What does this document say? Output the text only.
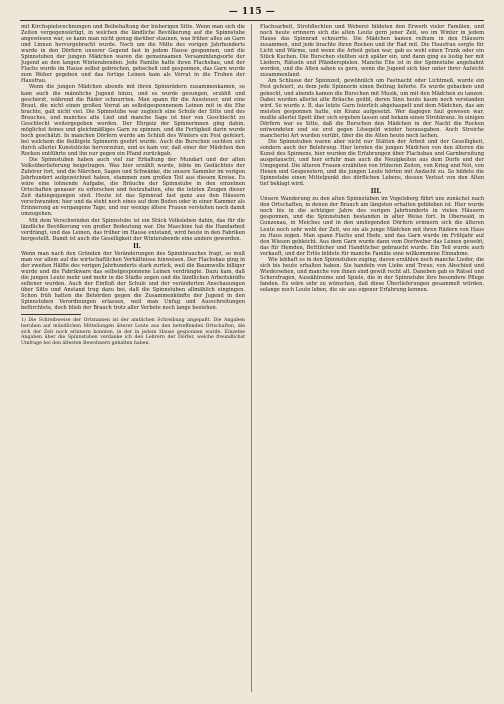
— 115 —

mit Kirchspielsrechnungen und Beibehaltung der bisherigen Sitte. Wenn man sich die Zeiten vergegenwärtigt, in welchen die ländliche Bevölkerung auf die Spinnstube angewiesen war, so kann man nicht genug darüber staunen, was früher alles an Garn und Linnen hervorgebracht wurde. Noch um die Mitte des vorigen Jahrhunderts wurde in den Dörfern unserer Gegend fast in jedem Hause gesponnen, und die Spinnstuben der jungen Mädchen waren die gemeinsamen Versammlungsorte der Jugend an den langen Winterabenden. Jede Familie hatte ihren Flachsbau, und der Flachs wurde im Hause selbst gebrochen, gehechelt und gesponnen, das Garn wurde zum Weber gegeben und das fertige Leinen kam als Vorrat in die Truhen der Hausfrau.

Wenn die jungen Mädchen abends mit ihren Spinnrädern zusammenkamen, so kam auch die männliche Jugend hinzu, und es wurde gesungen, erzählt und gescherzt, während die Räder schnurrten. Man spann für die Aussteuer, und eine Braut, die nicht einen großen Vorrat an selbstgesponnenem Leinen mit in die Ehe brachte, galt nicht viel. Die Spinnstube war zugleich eine Schule der Sitte und des Brauches, und manches alte Lied und manche Sage ist hier von Geschlecht zu Geschlecht weitergegeben worden. Der Ehrgeiz der Spinnerinnen ging dahin, möglichst feines und gleichmäßiges Garn zu spinnen, und die Fertigkeit darin wurde hoch geschätzt. In manchen Dörfern wurde am Schluß des Winters ein Fest gefeiert, bei welchem die fleißigste Spinnerin geehrt wurde. Auch die Burschen suchten sich durch allerlei Kunststücke hervorzutun, und es kam vor, daß einer der Mädchen den Rocken entführte und ihn nur gegen ein Pfand zurückgab.

Die Spinnstuben haben auch viel zur Erhaltung der Mundart und der alten Volksüberlieferung beigetragen. Was hier erzählt wurde, lebte im Gedächtnis der Zuhörer fort, und die Märchen, Sagen und Schwänke, die unsere Sammler im vorigen Jahrhundert aufgezeichnet haben, stammen zum großen Teil aus diesem Kreise. Es wäre eine lohnende Aufgabe, die Bräuche der Spinnstube in den einzelnen Ortschaften genauer zu erforschen und festzuhalten, ehe die letzten Zeugen dieser Zeit dahingegangen sind. Heute ist das Spinnrad fast ganz aus den Häusern verschwunden; hier und da steht noch eines auf dem Boden oder in einer Kammer als Erinnerung an vergangene Tage, und nur wenige ältere Frauen verstehen noch damit umzugehen.

Mit dem Verschwinden der Spinnstube ist ein Stück Volksleben dahin, das für die ländliche Bevölkerung von großer Bedeutung war. Die Maschine hat die Handarbeit verdrängt, und das Leinen, das früher im Hause entstand, wird heute in den Fabriken hergestellt. Damit ist auch die Geselligkeit der Winterabende eine andere geworden.

II.

Wenn man nach den Gründen der Veränderungen des Spinnbrauches fragt, so muß man vor allem auf die wirtschaftlichen Verhältnisse hinweisen. Der Flachsbau ging in der zweiten Hälfte des vorigen Jahrhunderts stark zurück, weil die Baumwolle billiger wurde und die Fabrikware das selbstgesponnene Leinen verdrängte. Dazu kam, daß die jungen Leute mehr und mehr in die Städte zogen und die ländlichen Arbeitskräfte seltener wurden. Auch der Einfluß der Schule und der veränderten Anschauungen über Sitte und Anstand trug dazu bei, daß die Spinnstuben allmählich eingingen. Schon früh hatten die Behörden gegen die Zusammenkünfte der Jugend in den Spinnstuben Verordnungen erlassen, weil man Unfug und Ausschreitungen befürchtete, doch blieb der Brauch trotz aller Verbote noch lange bestehen.

1) Die Schreibweise der Ortsnamen ist der amtlichen Schreibung angepaßt. Die Angaben beruhen auf mündlichen Mitteilungen älterer Leute aus den betreffenden Ortschaften, die sich der Zeit noch erinnern konnten, in der in jedem Hause gesponnen wurde. Einzelne Angaben über die Spinnstuben verdanke ich den Lehrern der Dörfer, welche freundlichst Umfrage bei den ältesten Bewohnern gehalten haben.

Flachsarbeit, Strohflechten und Weberei bildeten den Erwerb vieler Familien, und noch heute erinnern sich die alten Leute gern jener Zeit, wo im Winter in jedem Hause das Spinnrad schnurrte. Die Mädchen kamen reihum in den Häusern zusammen, und jede brachte ihren Rocken und ihr Rad mit. Die Hausfrau sorgte für Licht und Wärme, und wenn die Arbeit getan war, gab es wohl einen Trunk oder ein Stück Kuchen. Die Burschen stellten sich später ein, und dann ging es lustig her mit Liedern, Rätseln und Pfänderspielen. Manche Ehe ist in der Spinnstube angebahnt worden, und die Alten sahen es gern, wenn die Jugend sich hier unter ihrer Aufsicht zusammenfand.

Am Schlusse der Spinnzeit, gewöhnlich um Fastnacht oder Lichtmeß, wurde ein Fest gefeiert, zu dem jede Spinnerin einen Beitrag lieferte. Es wurde gebacken und gekocht, und abends kamen die Burschen mit Musik, um mit den Mädchen zu tanzen. Dabei wurden allerlei alte Bräuche geübt, deren Sinn heute kaum noch verstanden wird. So wurde z. B. das letzte Garn feierlich abgehaspelt und dem Mädchen, das am meisten gesponnen hatte, ein Kranz aufgesetzt. Wer dagegen faul gewesen war, mußte allerlei Spott über sich ergehen lassen und bekam einen Strohkranz. In einigen Dörfern war es Sitte, daß die Burschen den Mädchen in der Nacht die Rocken entwendeten und sie erst gegen Lösegeld wieder herausgaben. Auch Streiche mancherlei Art wurden verübt, über die die Alten heute noch lachen.

Die Spinnstuben waren aber nicht nur Stätten der Arbeit und der Geselligkeit, sondern auch der Belehrung. Hier lernten die jungen Mädchen von den älteren die Kunst des Spinnens, hier wurden die Erfahrungen über Flachsbau und Garnbereitung ausgetauscht, und hier erfuhr man auch die Neuigkeiten aus dem Dorfe und der Umgegend. Die älteren Frauen erzählten von früheren Zeiten, von Krieg und Not, von Hexen und Gespenstern, und die jungen Leute hörten mit Andacht zu. So bildete die Spinnstube einen Mittelpunkt des dörflichen Lebens, dessen Verlust von den Alten tief beklagt wird.

III.

Unsere Wanderung zu den alten Spinnstuben im Vogelsberg führt uns zunächst nach den Ortschaften, in denen der Brauch am längsten erhalten geblieben ist. Hier wurde noch bis in die achtziger Jahre des vorigen Jahrhunderts in vielen Häusern gesponnen, und die Spinnstuben bestanden in alter Weise fort. In Oberwald, in Gunzenau, in Meiches und in den umliegenden Dörfern erinnern sich die älteren Leute noch sehr wohl der Zeit, wo sie als junge Mädchen mit ihren Rädern von Haus zu Haus zogen. Man spann Flachs und Hede, und das Garn wurde im Frühjahr auf den Wiesen gebleicht. Aus dem Garn wurde dann vom Dorfweber das Leinen gewebt, das für Hemden, Betttücher und Handtücher gebraucht wurde. Ein Teil wurde auch verkauft, und der Erlös bildete für manche Familie eine willkommene Einnahme.

Wie lebhaft es in den Spinnstuben zuging, davon erzählen noch manche Lieder, die sich bis heute erhalten haben. Sie handeln von Liebe und Treue, von Abschied und Wiedersehen, und manche von ihnen sind gewiß recht alt. Daneben gab es Rätsel und Scherzfragen, Auszählreime und Spiele, die in der Spinnstube ihre besondere Pflege fanden. Es wäre sehr zu wünschen, daß diese Überlieferungen gesammelt würden, solange noch Leute leben, die sie aus eigener Erfahrung kennen.
